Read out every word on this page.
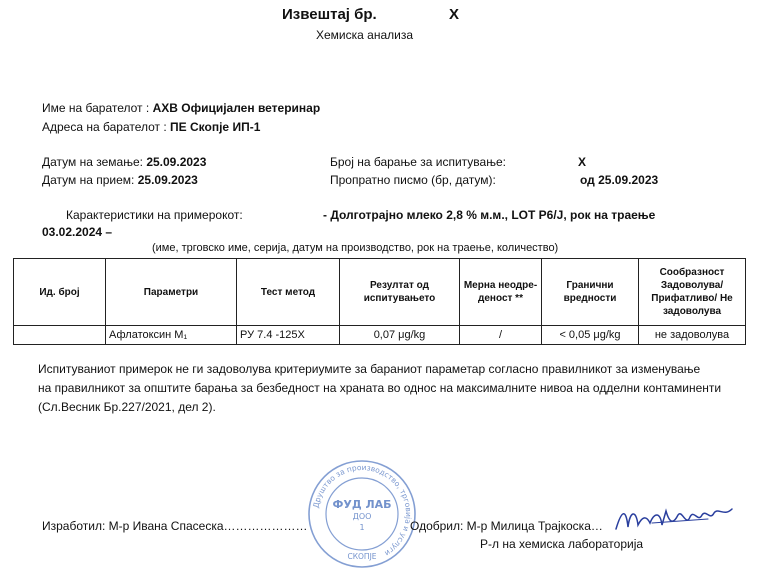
Извештај бр.	X
Хемиска анализа
Име на барателот : АХВ Официјален ветеринар
Адреса на барателот : ПЕ Скопје ИП-1
Датум на земање: 25.09.2023
Датум на прием: 25.09.2023
Број на барање за испитување:	X
Пропратно писмо (бр, датум):	од 25.09.2023
Карактеристики на примерокот:	- Долготрајно млеко 2,8 % м.м., LOT P6/J, рок на траење
03.02.2024 –
(име, трговско име, серија, датум на производство, рок на траење, количество)
Ид. број	Параметри	Тест метод	Резултат од испитувањето	Мерна неодре-деност **	Гранични вредности	Сообразност Задоволува/ Прифатливо/ Не задоволува
	Афлатоксин M₁	РУ 7.4 -125X	0,07 μg/kg	/	< 0,05 μg/kg	не задоволува
Испитуваниот примерок не ги задоволува критериумите за бараниот параметар согласно правилникот за изменување
на правилникот за општите барања за безбедност на храната во однос на максималните нивоа на одделни контаминенти
(Сл.Весник Бр.227/2021, дел 2).
Друштво за производство, трговија и услуги
ФУД ЛАБ
ДОО
1
СКОПЈЕ
Изработил: М-р Ивана Спасеска…………………	Одобрил: М-р Милица Трајкоска…
Р-л на хемиска лабораторија
